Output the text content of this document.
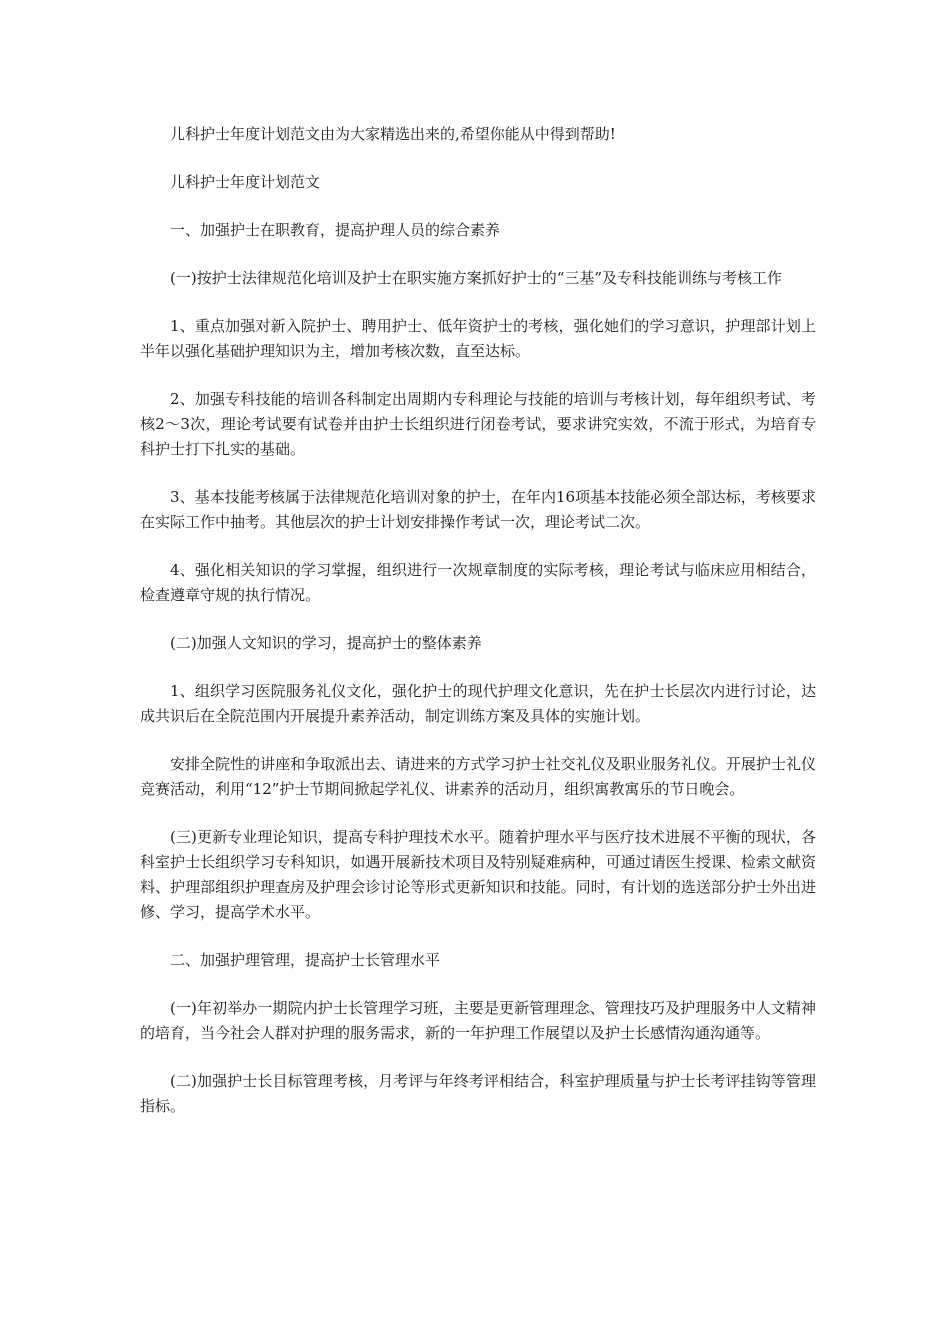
儿科护士年度计划范文由为大家精选出来的,希望你能从中得到帮助!

儿科护士年度计划范文

一、加强护士在职教育，提高护理人员的综合素养

(一)按护士法律规范化培训及护士在职实施方案抓好护士的“三基”及专科技能训练与考核工作

1、重点加强对新入院护士、聘用护士、低年资护士的考核，强化她们的学习意识，护理部计划上半年以强化基础护理知识为主，增加考核次数，直至达标。

2、加强专科技能的培训各科制定出周期内专科理论与技能的培训与考核计划，每年组织考试、考核2～3次，理论考试要有试卷并由护士长组织进行闭卷考试，要求讲究实效，不流于形式，为培育专科护士打下扎实的基础。

3、基本技能考核属于法律规范化培训对象的护士，在年内16项基本技能必须全部达标，考核要求在实际工作中抽考。其他层次的护士计划安排操作考试一次，理论考试二次。

4、强化相关知识的学习掌握，组织进行一次规章制度的实际考核，理论考试与临床应用相结合，检查遵章守规的执行情况。

(二)加强人文知识的学习，提高护士的整体素养

1、组织学习医院服务礼仪文化，强化护士的现代护理文化意识，先在护士长层次内进行讨论，达成共识后在全院范围内开展提升素养活动，制定训练方案及具体的实施计划。

安排全院性的讲座和争取派出去、请进来的方式学习护士社交礼仪及职业服务礼仪。开展护士礼仪竞赛活动，利用“12”护士节期间掀起学礼仪、讲素养的活动月，组织寓教寓乐的节日晚会。

(三)更新专业理论知识，提高专科护理技术水平。随着护理水平与医疗技术进展不平衡的现状，各科室护士长组织学习专科知识，如遇开展新技术项目及特别疑难病种，可通过请医生授课、检索文献资料、护理部组织护理查房及护理会诊讨论等形式更新知识和技能。同时，有计划的选送部分护士外出进修、学习，提高学术水平。

二、加强护理管理，提高护士长管理水平

(一)年初举办一期院内护士长管理学习班，主要是更新管理理念、管理技巧及护理服务中人文精神的培育，当今社会人群对护理的服务需求，新的一年护理工作展望以及护士长感情沟通沟通等。

(二)加强护士长目标管理考核，月考评与年终考评相结合，科室护理质量与护士长考评挂钩等管理指标。
